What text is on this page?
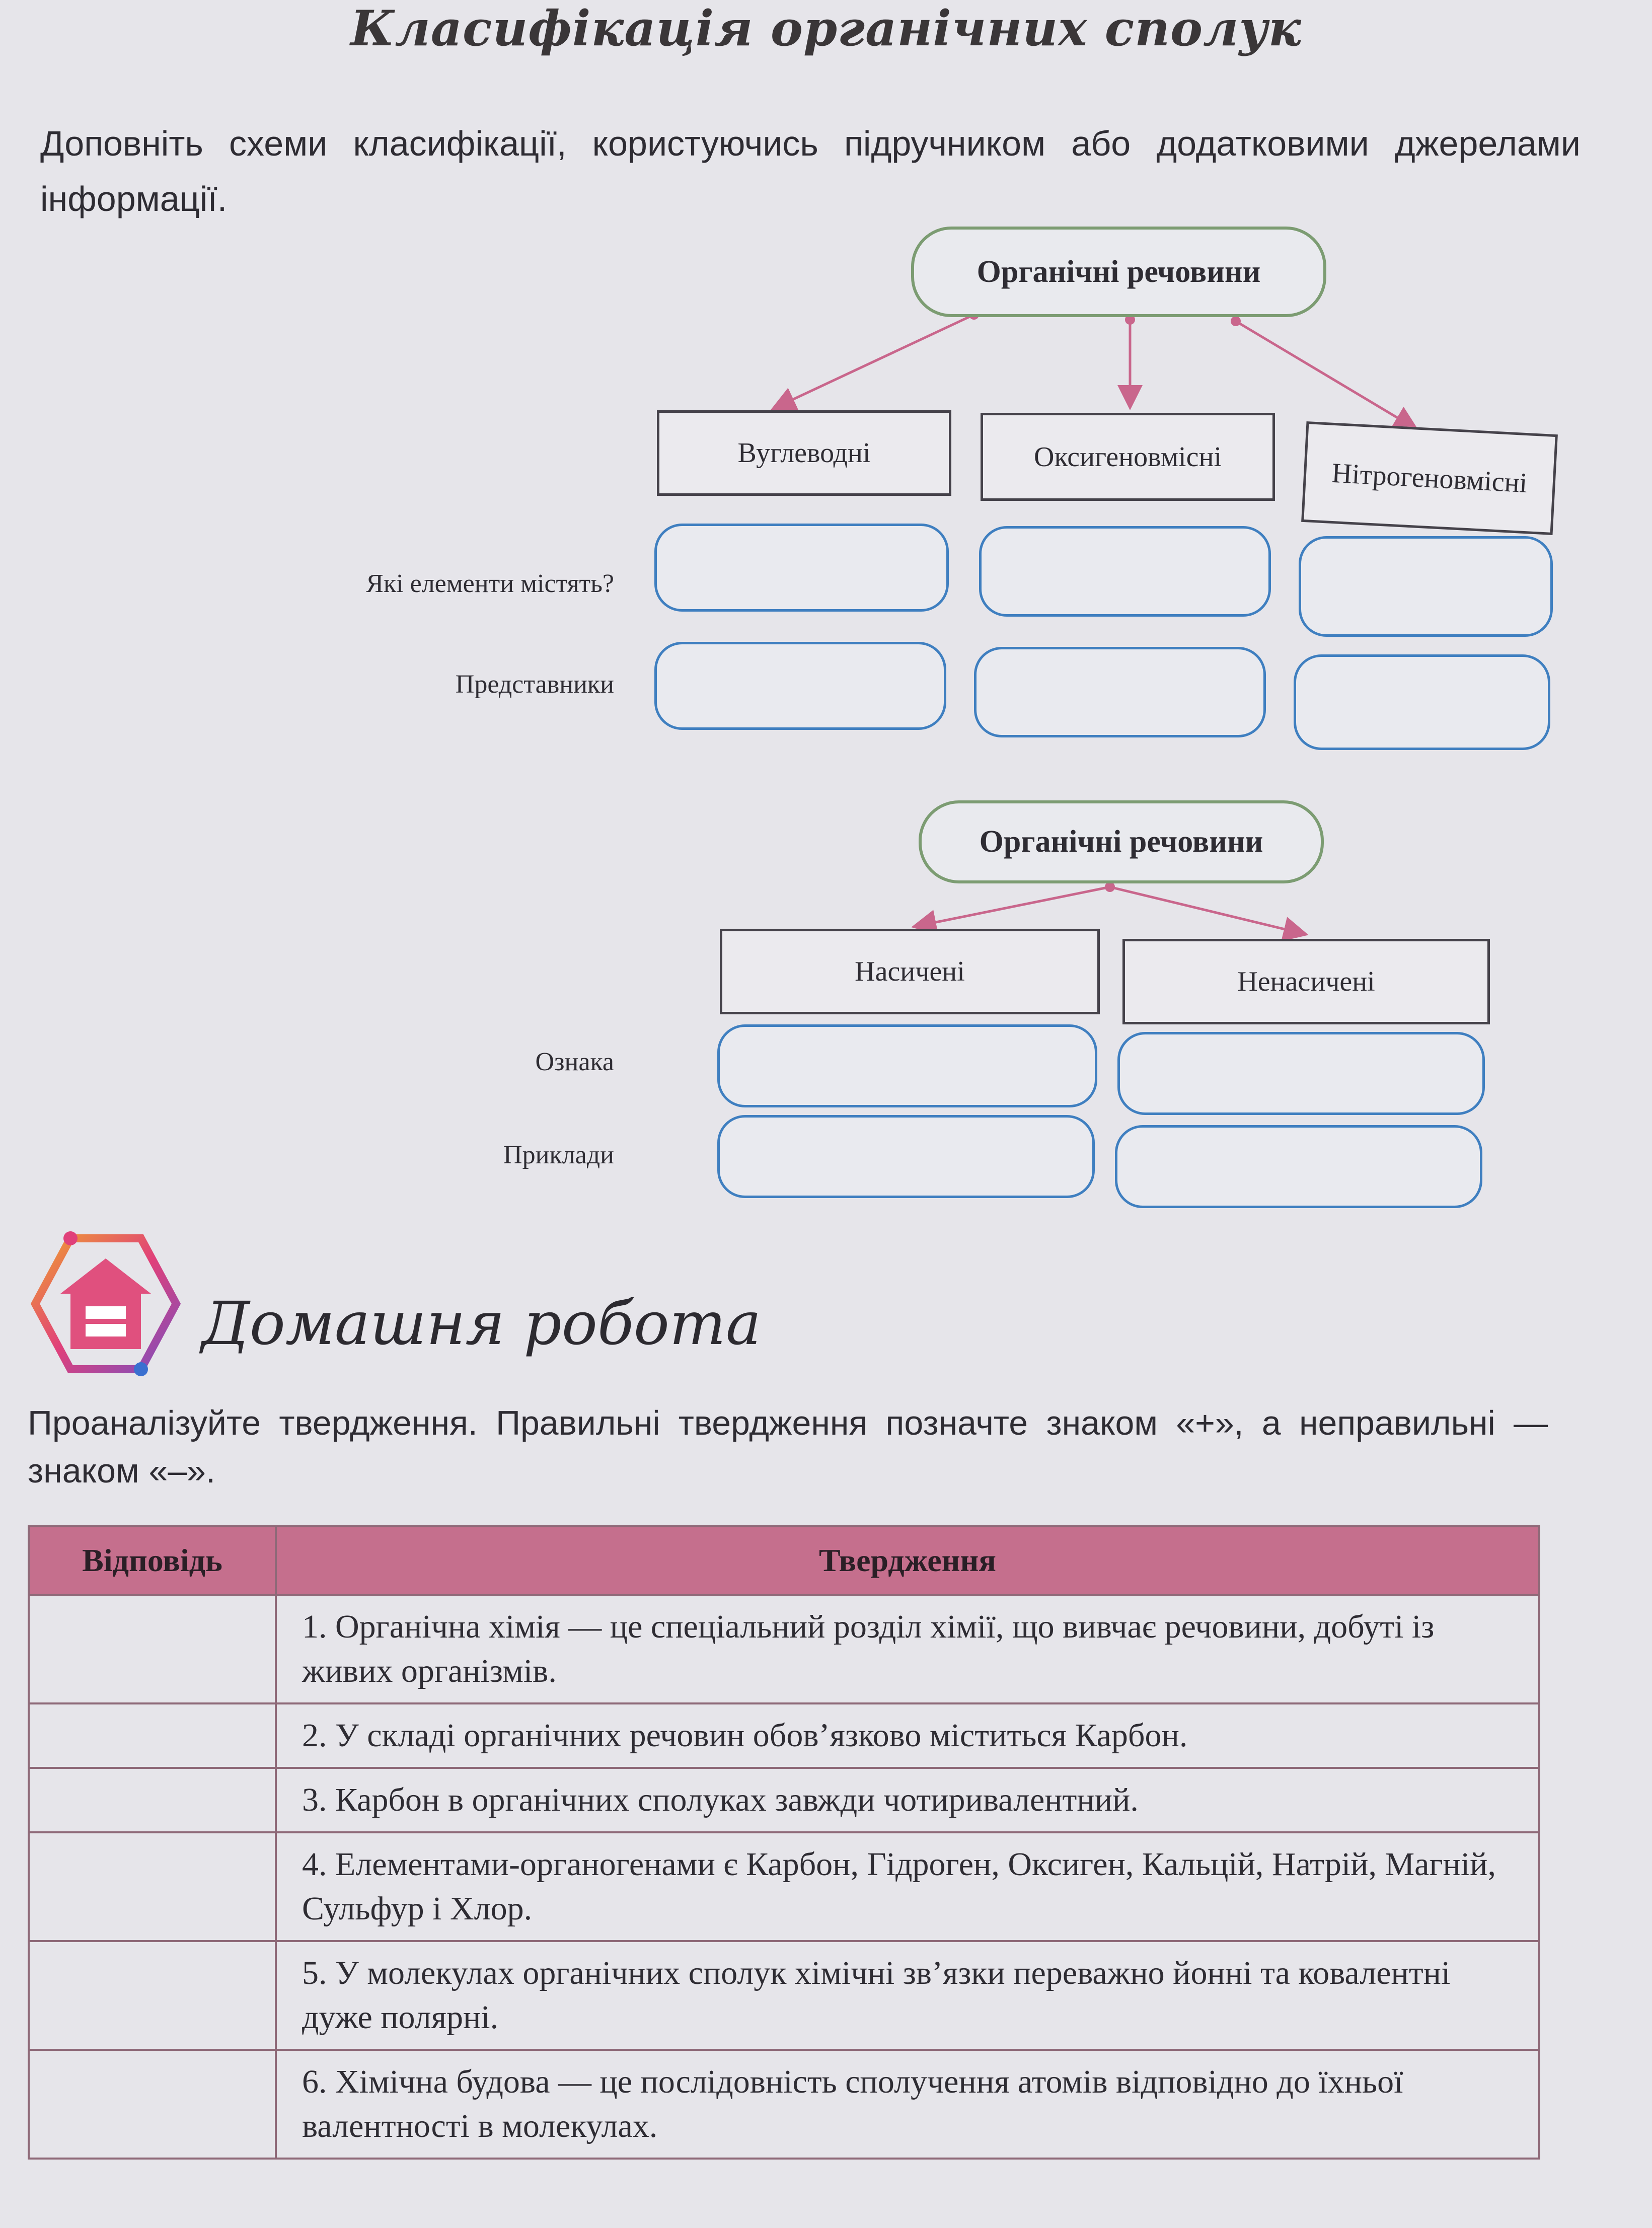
Класифікація органічних сполук
Доповніть схеми класифікації, користуючись підручником або додатковими джерелами інформації.
Органічні речовини
Вуглеводні	Оксигеновмісні
Нітрогеновмісні
Які елементи містять?
Представники
Органічні речовини
Насичені	Ненасичені
Ознака
Приклади
Домашня робота
Проаналізуйте твердження. Правильні твердження позначте знаком «+», а неправильні — знаком «–».
Відповідь	Твердження
	1. Органічна хімія — це спеціальний розділ хімії, що вивчає речовини, добуті із живих організмів.
	2. У складі органічних речовин обов’язково міститься Карбон.
	3. Карбон в органічних сполуках завжди чотиривалентний.
	4. Елементами-органогенами є Карбон, Гідроген, Оксиген, Кальцій, Натрій, Магній, Сульфур і Хлор.
	5. У молекулах органічних сполук хімічні зв’язки переважно йонні та ковалентні дуже полярні.
	6. Хімічна будова — це послідовність сполучення атомів відповідно до їхньої валентності в молекулах.
